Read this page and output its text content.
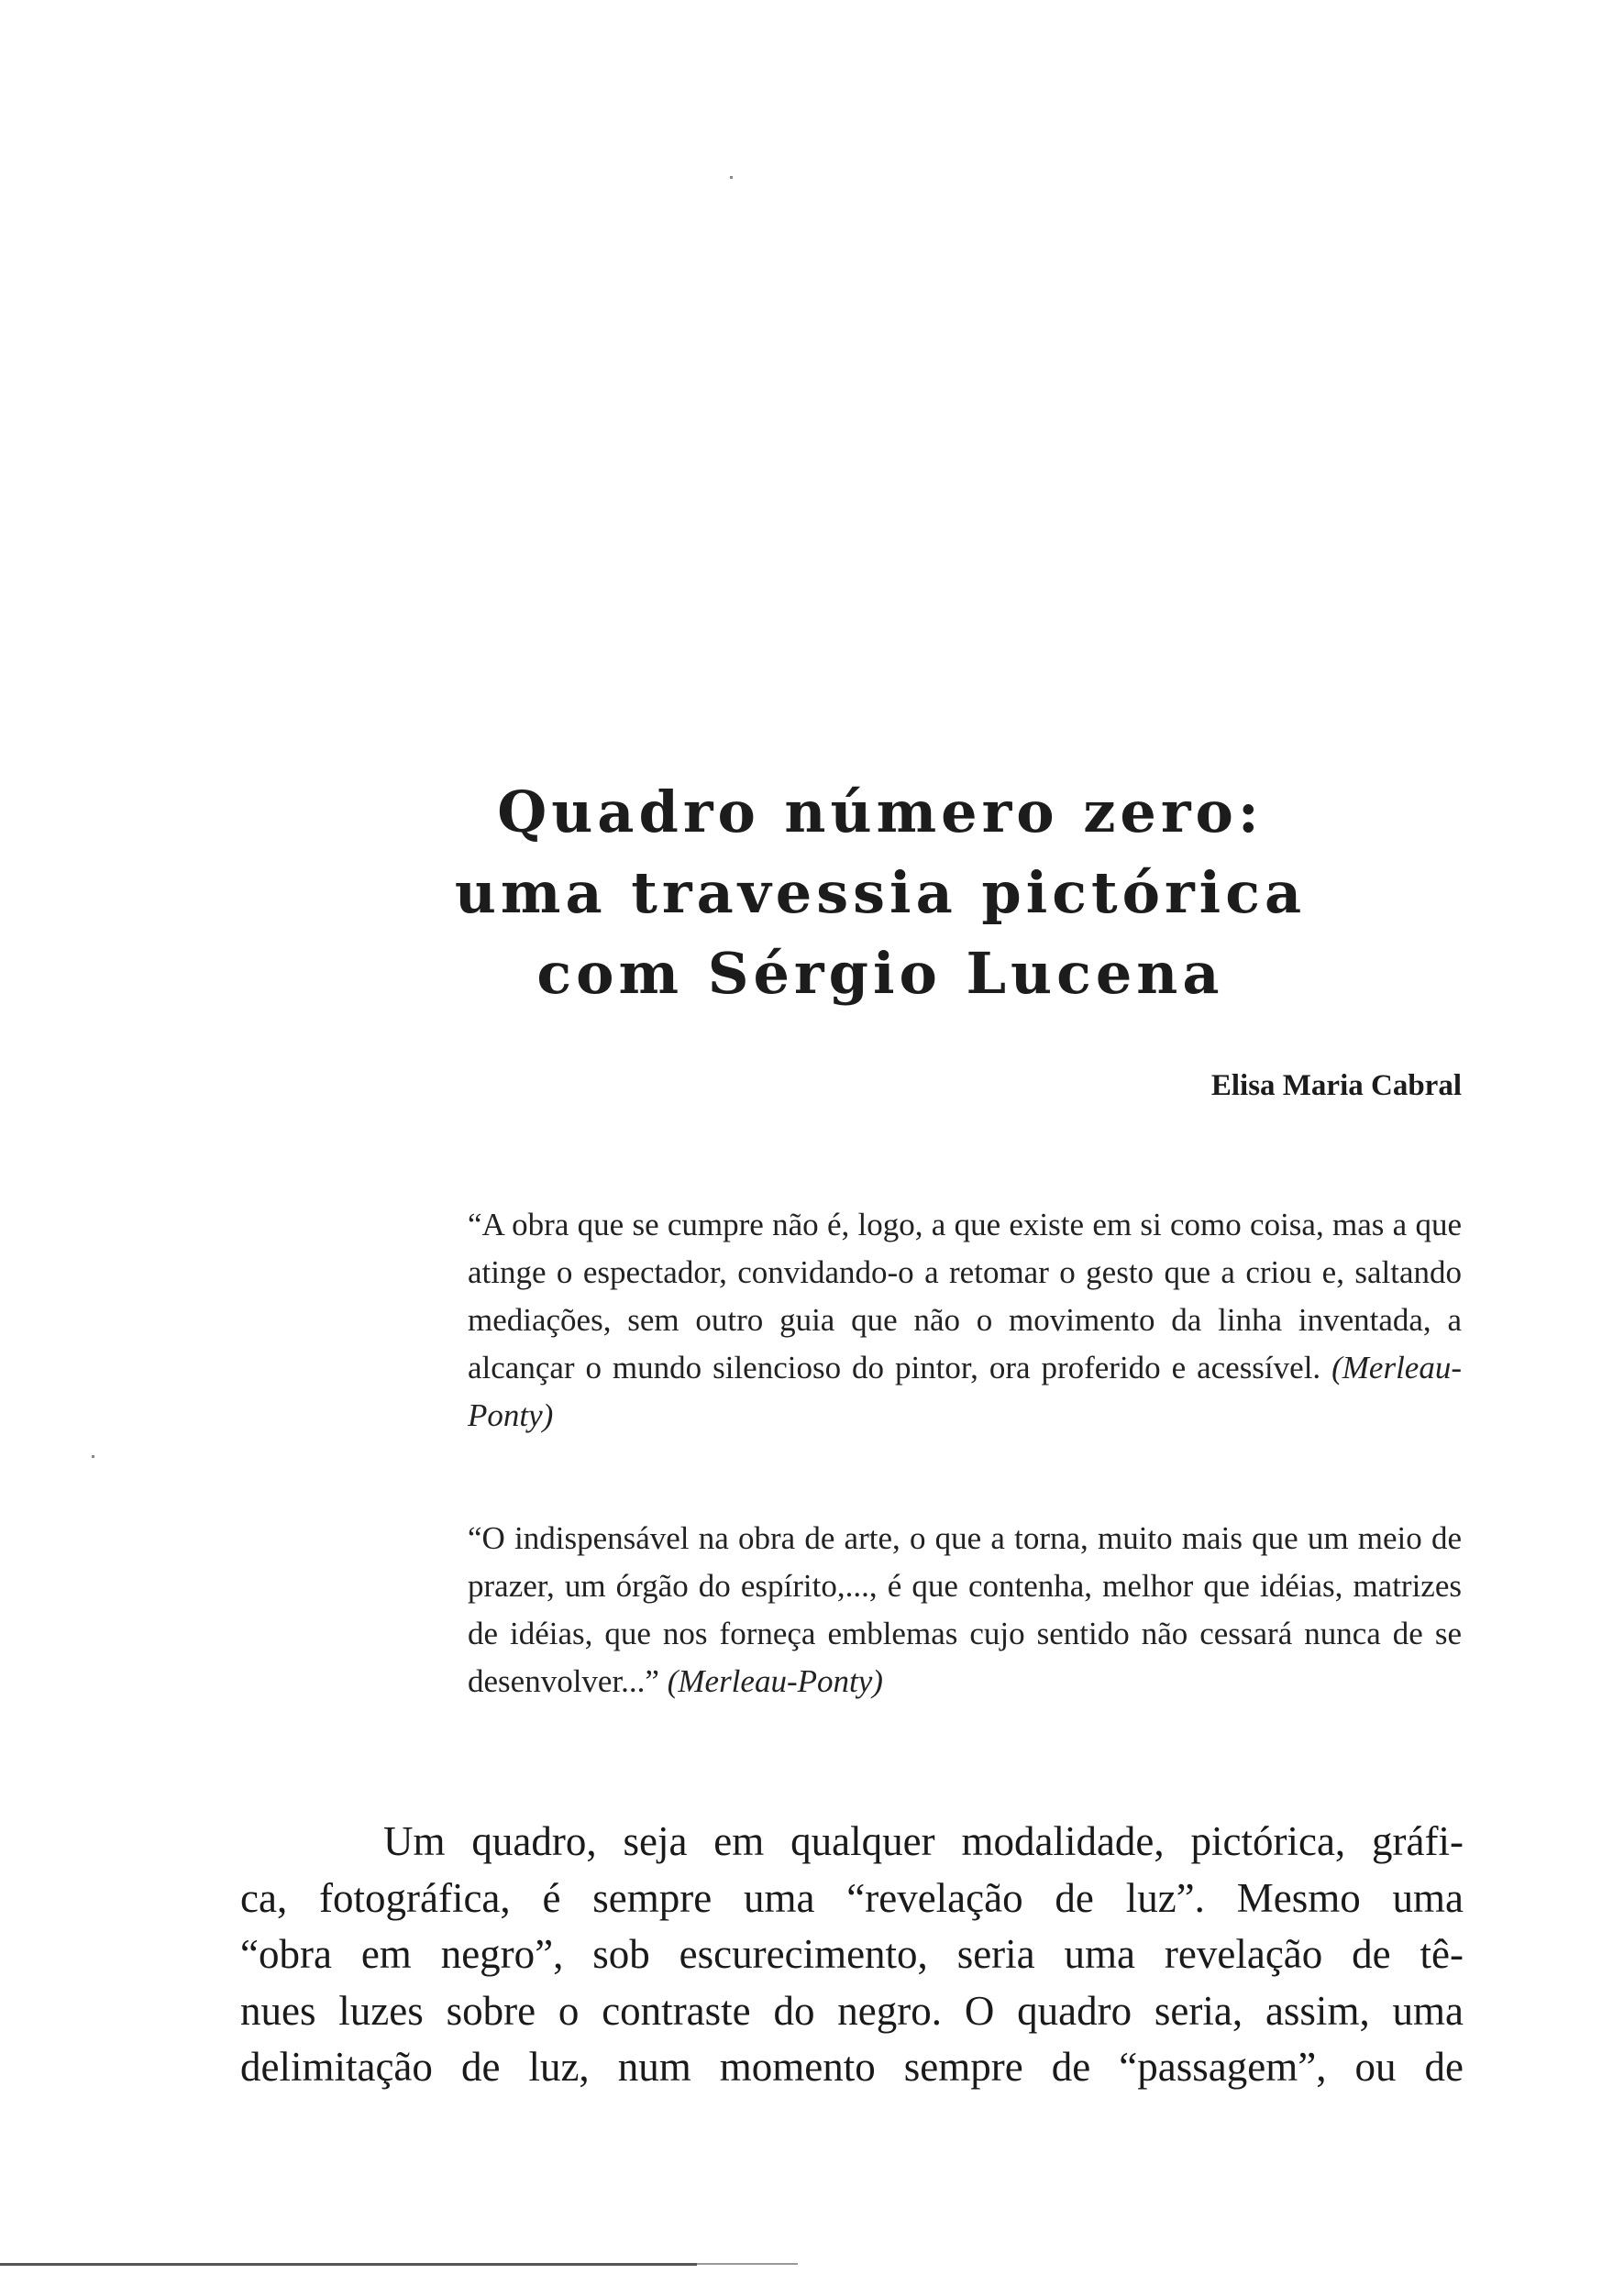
Quadro número zero:
uma travessia pictórica
com Sérgio Lucena

Elisa Maria Cabral

“A obra que se cumpre não é, logo, a que existe em si como coisa, mas a que atinge o espectador, convidando-o a retomar o gesto que a criou e, saltando mediações, sem outro guia que não o movimento da linha inventada, a alcançar o mundo silencioso do pintor, ora proferido e acessível. (Merleau-Ponty)

“O indispensável na obra de arte, o que a torna, muito mais que um meio de prazer, um órgão do espírito,..., é que contenha, melhor que idéias, matrizes de idéias, que nos forneça emblemas cujo sentido não cessará nunca de se desenvolver...” (Merleau-Ponty)

Um quadro, seja em qualquer modalidade, pictórica, gráfi-
ca, fotográfica, é sempre uma “revelação de luz”. Mesmo uma
“obra em negro”, sob escurecimento, seria uma revelação de tê-
nues luzes sobre o contraste do negro. O quadro seria, assim, uma
delimitação de luz, num momento sempre de “passagem”, ou de
